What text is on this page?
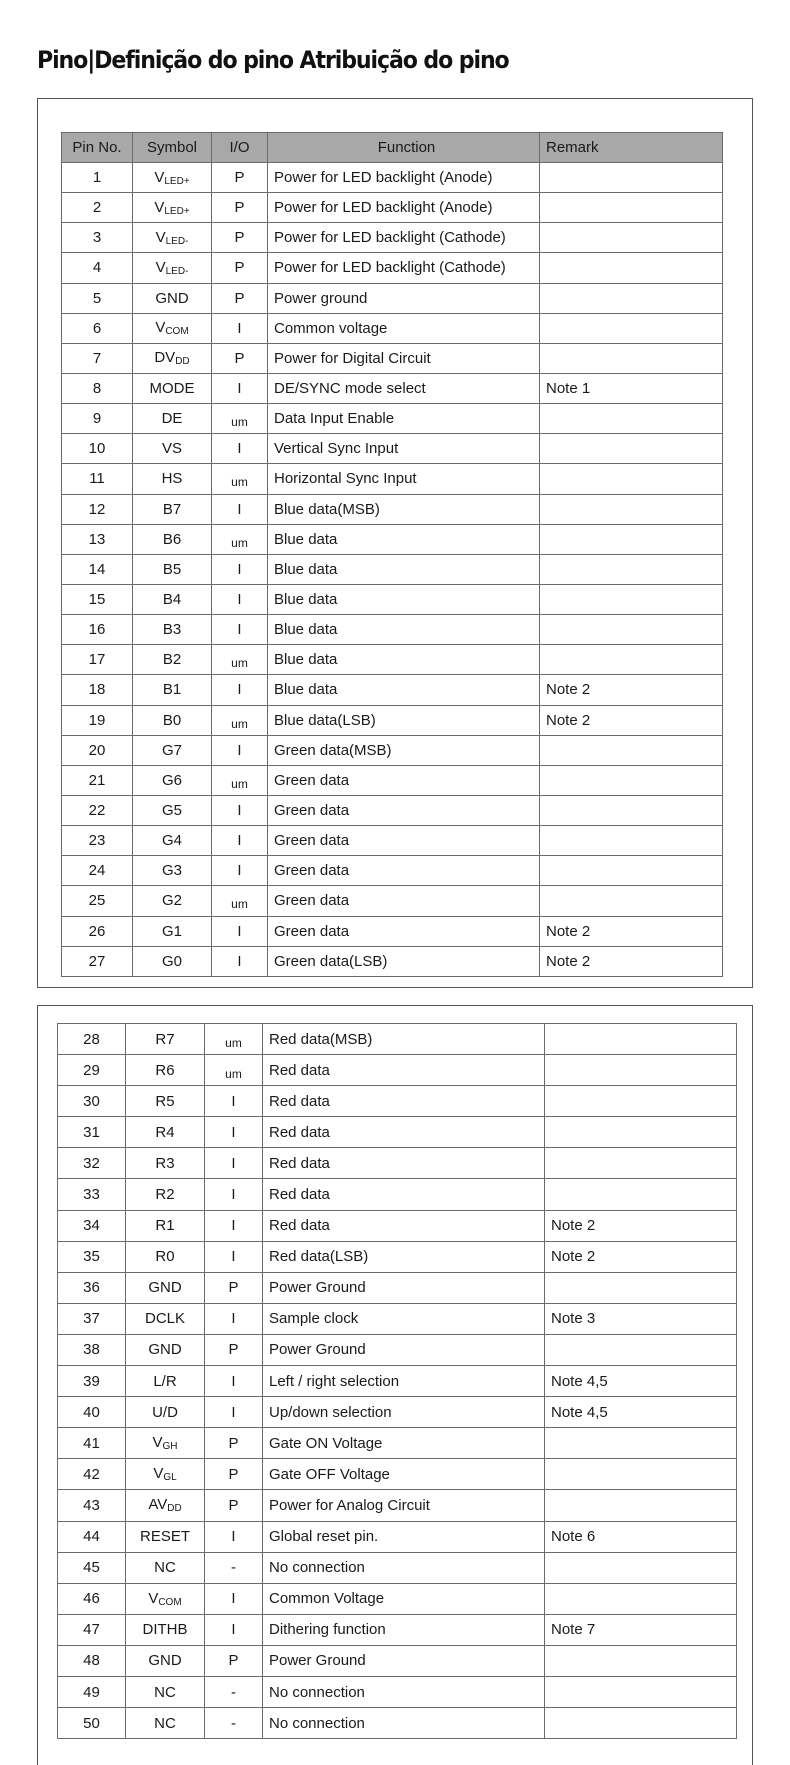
Pino|Definição do pino Atribuição do pino
Pin No.	Symbol	I/O	Function	Remark
1	$V_{LED+}$	P	Power for LED backlight (Anode)	
2	$V_{LED+}$	P	Power for LED backlight (Anode)	
3	$V_{LED-}$	P	Power for LED backlight (Cathode)	
4	$V_{LED-}$	P	Power for LED backlight (Cathode)	
5	GND	P	Power ground	
6	$V_{COM}$	I	Common voltage	
7	$DV_{DD}$	P	Power for Digital Circuit	
8	MODE	I	DE/SYNC mode select	Note 1
9	DE	$_{um}$	Data Input Enable	
10	VS	I	Vertical Sync Input	
11	HS	$_{um}$	Horizontal Sync Input	
12	B7	I	Blue data(MSB)	
13	B6	$_{um}$	Blue data	
14	B5	I	Blue data	
15	B4	I	Blue data	
16	B3	I	Blue data	
17	B2	$_{um}$	Blue data	
18	B1	I	Blue data	Note 2
19	B0	$_{um}$	Blue data(LSB)	Note 2
20	G7	I	Green data(MSB)	
21	G6	$_{um}$	Green data	
22	G5	I	Green data	
23	G4	I	Green data	
24	G3	I	Green data	
25	G2	$_{um}$	Green data	
26	G1	I	Green data	Note 2
27	G0	I	Green data(LSB)	Note 2
28	R7	$_{um}$	Red data(MSB)	
29	R6	$_{um}$	Red data	
30	R5	I	Red data	
31	R4	I	Red data	
32	R3	I	Red data	
33	R2	I	Red data	
34	R1	I	Red data	Note 2
35	R0	I	Red data(LSB)	Note 2
36	GND	P	Power Ground	
37	DCLK	I	Sample clock	Note 3
38	GND	P	Power Ground	
39	L/R	I	Left / right selection	Note 4,5
40	U/D	I	Up/down selection	Note 4,5
41	$V_{GH}$	P	Gate ON Voltage	
42	$V_{GL}$	P	Gate OFF Voltage	
43	$AV_{DD}$	P	Power for Analog Circuit	
44	RESET	I	Global reset pin.	Note 6
45	NC	-	No connection	
46	$V_{COM}$	I	Common Voltage	
47	DITHB	I	Dithering function	Note 7
48	GND	P	Power Ground	
49	NC	-	No connection	
50	NC	-	No connection	
